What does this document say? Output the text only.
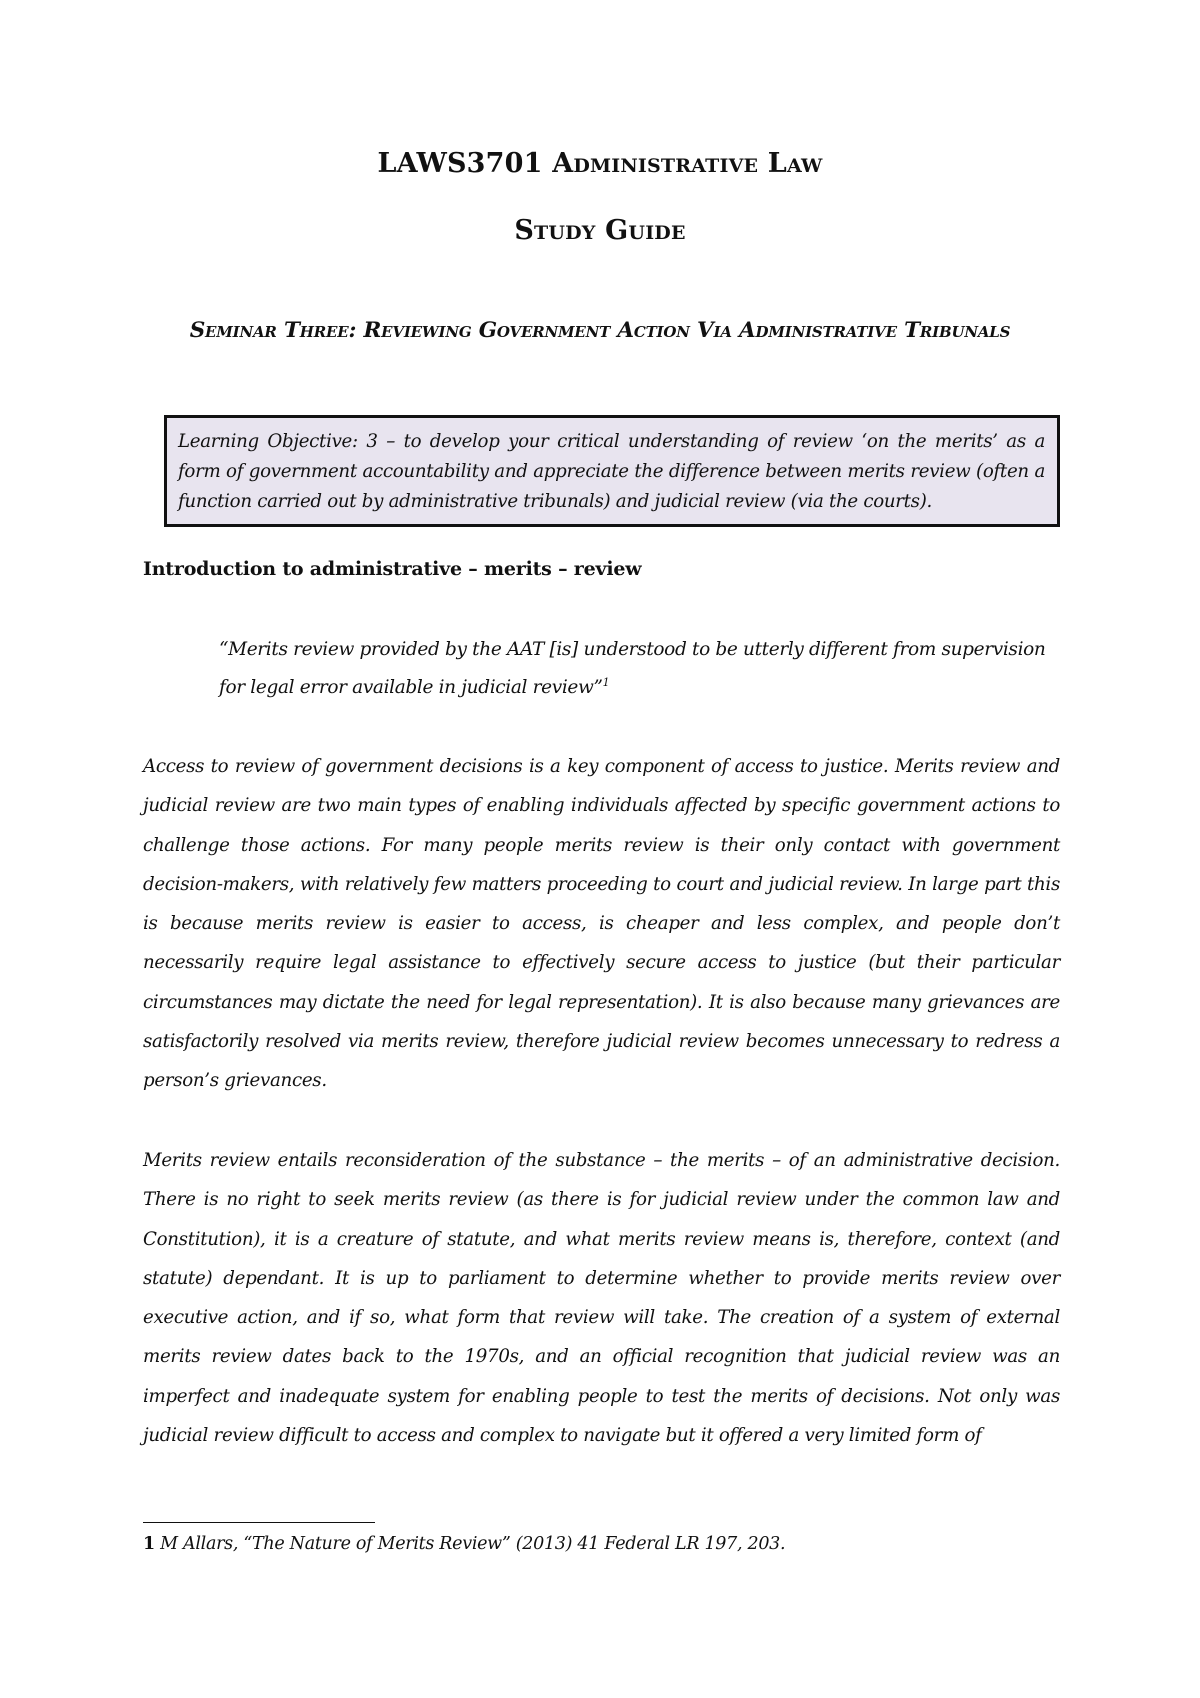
LAWS3701 Administrative Law
Study Guide
Seminar Three: Reviewing Government Action Via Administrative Tribunals
Learning Objective: 3 – to develop your critical understanding of review ‘on the merits’ as a form of government accountability and appreciate the difference between merits review (often a function carried out by administrative tribunals) and judicial review (via the courts).
Introduction to administrative – merits – review

“Merits review provided by the AAT [is] understood to be utterly different from supervision for legal error available in judicial review”$^1$

Access to review of government decisions is a key component of access to justice. Merits review and judicial review are two main types of enabling individuals affected by specific government actions to challenge those actions. For many people merits review is their only contact with government decision-makers, with relatively few matters proceeding to court and judicial review. In large part this is because merits review is easier to access, is cheaper and less complex, and people don’t necessarily require legal assistance to effectively secure access to justice (but their particular circumstances may dictate the need for legal representation). It is also because many grievances are satisfactorily resolved via merits review, therefore judicial review becomes unnecessary to redress a person’s grievances.

Merits review entails reconsideration of the substance – the merits – of an administrative decision. There is no right to seek merits review (as there is for judicial review under the common law and Constitution), it is a creature of statute, and what merits review means is, therefore, context (and statute) dependant. It is up to parliament to determine whether to provide merits review over executive action, and if so, what form that review will take. The creation of a system of external merits review dates back to the 1970s, and an official recognition that judicial review was an imperfect and inadequate system for enabling people to test the merits of decisions. Not only was judicial review difficult to access and complex to navigate but it offered a very limited form of

1 M Allars, “The Nature of Merits Review” (2013) 41 Federal LR 197, 203.
